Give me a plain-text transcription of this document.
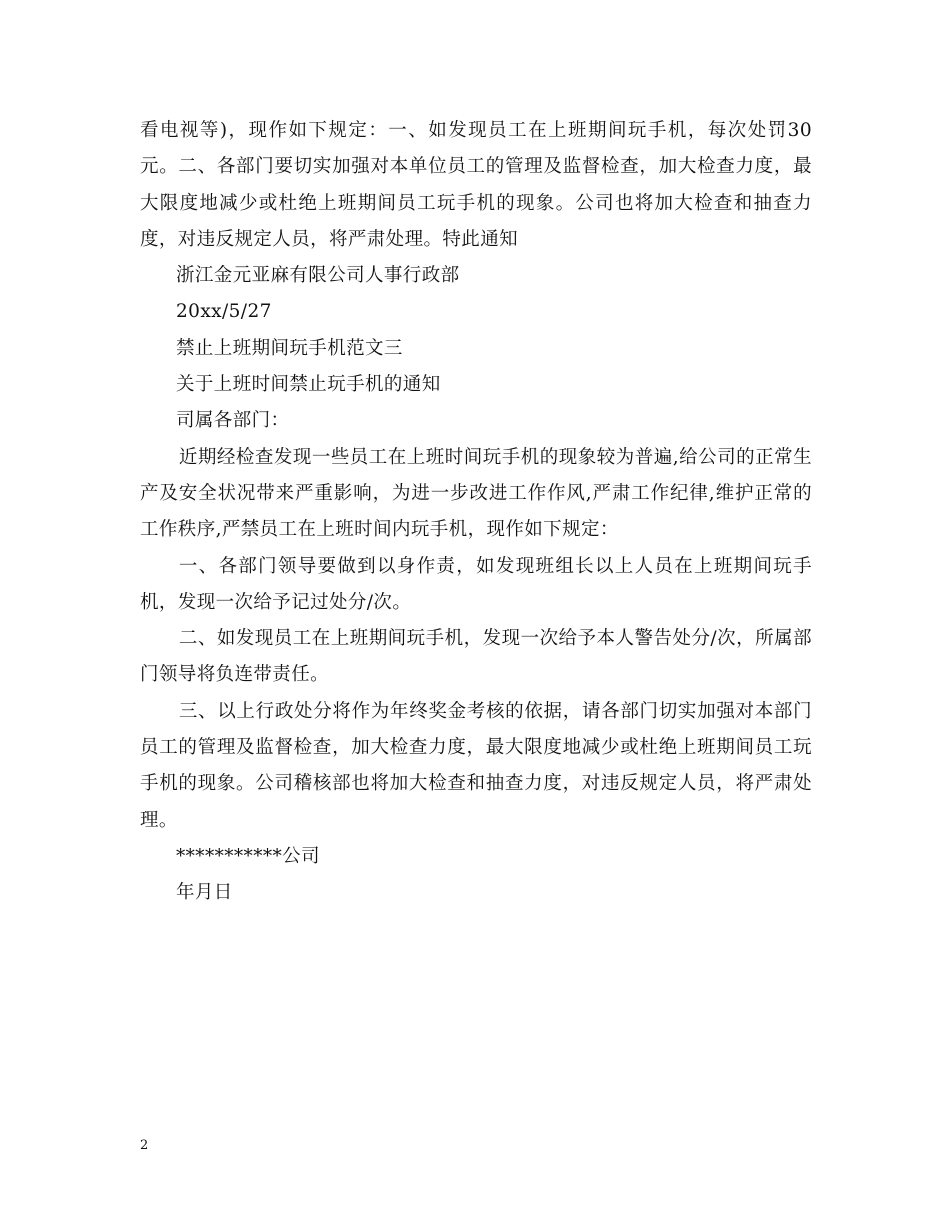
看电视等)，现作如下规定：一、如发现员工在上班期间玩手机，每次处罚30元。二、各部门要切实加强对本单位员工的管理及监督检查，加大检查力度，最大限度地减少或杜绝上班期间员工玩手机的现象。公司也将加大检查和抽查力度，对违反规定人员，将严肃处理。特此通知

浙江金元亚麻有限公司人事行政部

20xx/5/27

禁止上班期间玩手机范文三

关于上班时间禁止玩手机的通知

司属各部门：

近期经检查发现一些员工在上班时间玩手机的现象较为普遍,给公司的正常生产及安全状况带来严重影响，为进一步改进工作作风,严肃工作纪律,维护正常的工作秩序,严禁员工在上班时间内玩手机，现作如下规定：

一、各部门领导要做到以身作责，如发现班组长以上人员在上班期间玩手机，发现一次给予记过处分/次。

二、如发现员工在上班期间玩手机，发现一次给予本人警告处分/次，所属部门领导将负连带责任。

三、以上行政处分将作为年终奖金考核的依据，请各部门切实加强对本部门员工的管理及监督检查，加大检查力度，最大限度地减少或杜绝上班期间员工玩手机的现象。公司稽核部也将加大检查和抽查力度，对违反规定人员，将严肃处理。

***********公司

年月日

2
